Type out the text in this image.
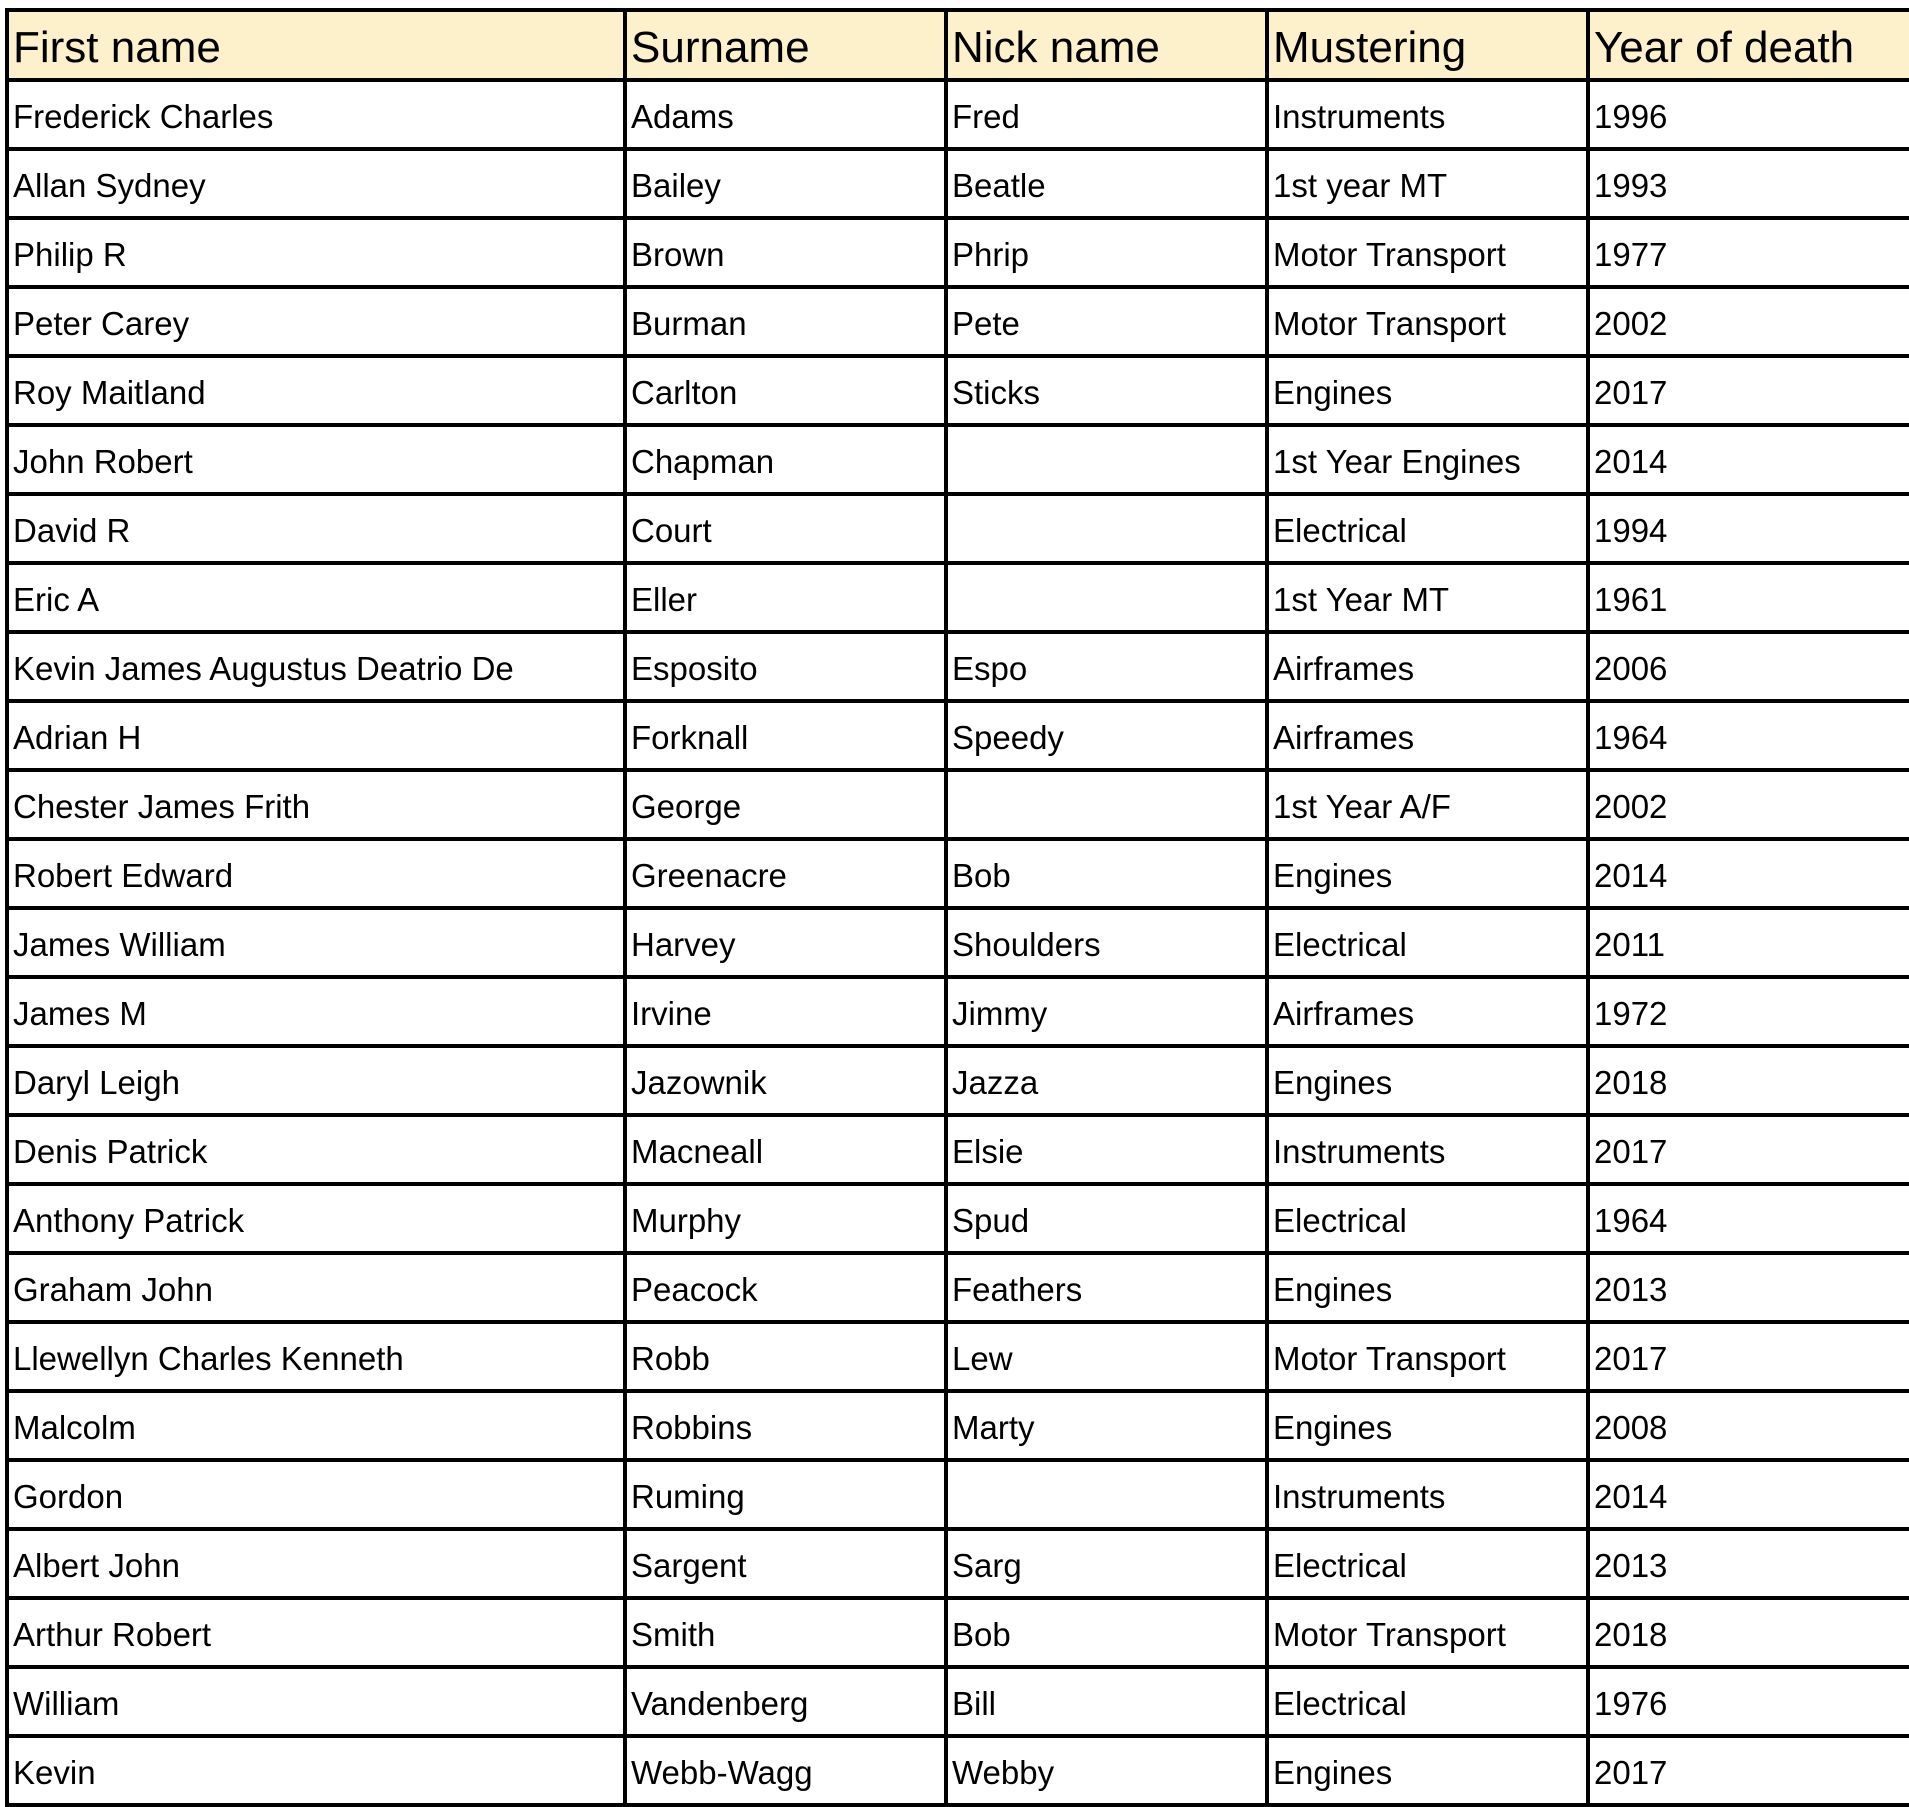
First name	Surname	Nick name	Mustering	Year of death
Frederick Charles	Adams	Fred	Instruments	1996
Allan Sydney	Bailey	Beatle	1st year MT	1993
Philip R	Brown	Phrip	Motor Transport	1977
Peter Carey	Burman	Pete	Motor Transport	2002
Roy Maitland	Carlton	Sticks	Engines	2017
John Robert	Chapman		1st Year Engines	2014
David R	Court		Electrical	1994
Eric A	Eller		1st Year MT	1961
Kevin James Augustus Deatrio De	Esposito	Espo	Airframes	2006
Adrian H	Forknall	Speedy	Airframes	1964
Chester James Frith	George		1st Year A/F	2002
Robert Edward	Greenacre	Bob	Engines	2014
James William	Harvey	Shoulders	Electrical	2011
James M	Irvine	Jimmy	Airframes	1972
Daryl Leigh	Jazownik	Jazza	Engines	2018
Denis Patrick	Macneall	Elsie	Instruments	2017
Anthony Patrick	Murphy	Spud	Electrical	1964
Graham John	Peacock	Feathers	Engines	2013
Llewellyn Charles Kenneth	Robb	Lew	Motor Transport	2017
Malcolm	Robbins	Marty	Engines	2008
Gordon	Ruming		Instruments	2014
Albert John	Sargent	Sarg	Electrical	2013
Arthur Robert	Smith	Bob	Motor Transport	2018
William	Vandenberg	Bill	Electrical	1976
Kevin	Webb-Wagg	Webby	Engines	2017
